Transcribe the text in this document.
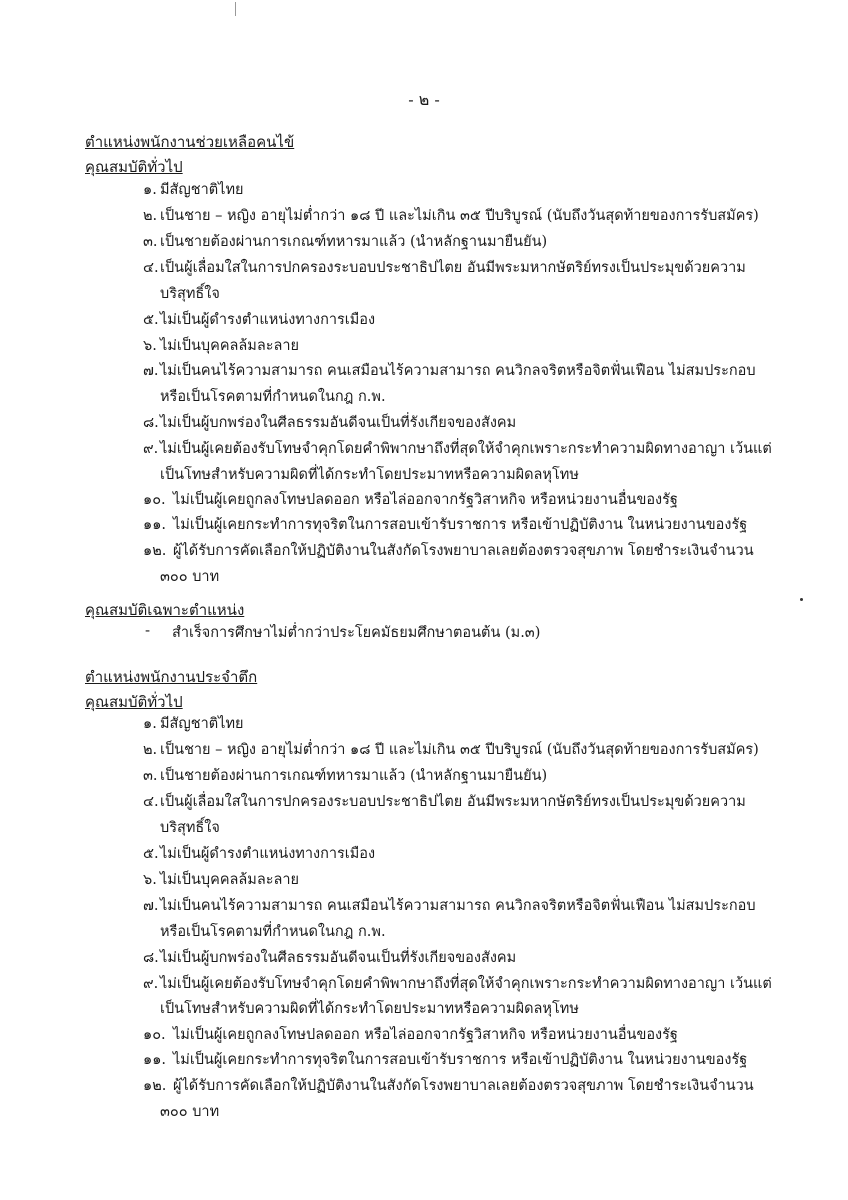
- ๒ -
ตำแหน่งพนักงานช่วยเหลือคนไข้
คุณสมบัติทั่วไป
๑. มีสัญชาติไทย
๒. เป็นชาย – หญิง อายุไม่ต่ำกว่า ๑๘ ปี และไม่เกิน ๓๕ ปีบริบูรณ์ (นับถึงวันสุดท้ายของการรับสมัคร)
๓. เป็นชายต้องผ่านการเกณฑ์ทหารมาแล้ว (นำหลักฐานมายืนยัน)
๔.เป็นผู้เลื่อมใสในการปกครองระบอบประชาธิปไตย อันมีพระมหากษัตริย์ทรงเป็นประมุขด้วยความ
บริสุทธิ์ใจ
๕.ไม่เป็นผู้ดำรงตำแหน่งทางการเมือง
๖. ไม่เป็นบุคคลล้มละลาย
๗.ไม่เป็นคนไร้ความสามารถ คนเสมือนไร้ความสามารถ คนวิกลจริตหรือจิตฟั่นเฟือน ไม่สมประกอบ
หรือเป็นโรคตามที่กำหนดในกฎ ก.พ.
๘.ไม่เป็นผู้บกพร่องในศีลธรรมอันดีจนเป็นที่รังเกียจของสังคม
๙. ไม่เป็นผู้เคยต้องรับโทษจำคุกโดยคำพิพากษาถึงที่สุดให้จำคุกเพราะกระทำความผิดทางอาญา เว้นแต่
เป็นโทษสำหรับความผิดที่ได้กระทำโดยประมาทหรือความผิดลหุโทษ
๑๐. ไม่เป็นผู้เคยถูกลงโทษปลดออก หรือไล่ออกจากรัฐวิสาหกิจ หรือหน่วยงานอื่นของรัฐ
๑๑. ไม่เป็นผู้เคยกระทำการทุจริตในการสอบเข้ารับราชการ หรือเข้าปฏิบัติงาน ในหน่วยงานของรัฐ
๑๒. ผู้ได้รับการคัดเลือกให้ปฏิบัติงานในสังกัดโรงพยาบาลเลยต้องตรวจสุขภาพ โดยชำระเงินจำนวน
๓๐๐ บาท
คุณสมบัติเฉพาะตำแหน่ง
- สำเร็จการศึกษาไม่ต่ำกว่าประโยคมัธยมศึกษาตอนต้น (ม.๓)
ตำแหน่งพนักงานประจำตึก
คุณสมบัติทั่วไป
๑. มีสัญชาติไทย
๒. เป็นชาย – หญิง อายุไม่ต่ำกว่า ๑๘ ปี และไม่เกิน ๓๕ ปีบริบูรณ์ (นับถึงวันสุดท้ายของการรับสมัคร)
๓. เป็นชายต้องผ่านการเกณฑ์ทหารมาแล้ว (นำหลักฐานมายืนยัน)
๔.เป็นผู้เลื่อมใสในการปกครองระบอบประชาธิปไตย อันมีพระมหากษัตริย์ทรงเป็นประมุขด้วยความ
บริสุทธิ์ใจ
๕.ไม่เป็นผู้ดำรงตำแหน่งทางการเมือง
๖. ไม่เป็นบุคคลล้มละลาย
๗.ไม่เป็นคนไร้ความสามารถ คนเสมือนไร้ความสามารถ คนวิกลจริตหรือจิตฟั่นเฟือน ไม่สมประกอบ
หรือเป็นโรคตามที่กำหนดในกฎ ก.พ.
๘.ไม่เป็นผู้บกพร่องในศีลธรรมอันดีจนเป็นที่รังเกียจของสังคม
๙. ไม่เป็นผู้เคยต้องรับโทษจำคุกโดยคำพิพากษาถึงที่สุดให้จำคุกเพราะกระทำความผิดทางอาญา เว้นแต่
เป็นโทษสำหรับความผิดที่ได้กระทำโดยประมาทหรือความผิดลหุโทษ
๑๐. ไม่เป็นผู้เคยถูกลงโทษปลดออก หรือไล่ออกจากรัฐวิสาหกิจ หรือหน่วยงานอื่นของรัฐ
๑๑. ไม่เป็นผู้เคยกระทำการทุจริตในการสอบเข้ารับราชการ หรือเข้าปฏิบัติงาน ในหน่วยงานของรัฐ
๑๒. ผู้ได้รับการคัดเลือกให้ปฏิบัติงานในสังกัดโรงพยาบาลเลยต้องตรวจสุขภาพ โดยชำระเงินจำนวน
๓๐๐ บาท
